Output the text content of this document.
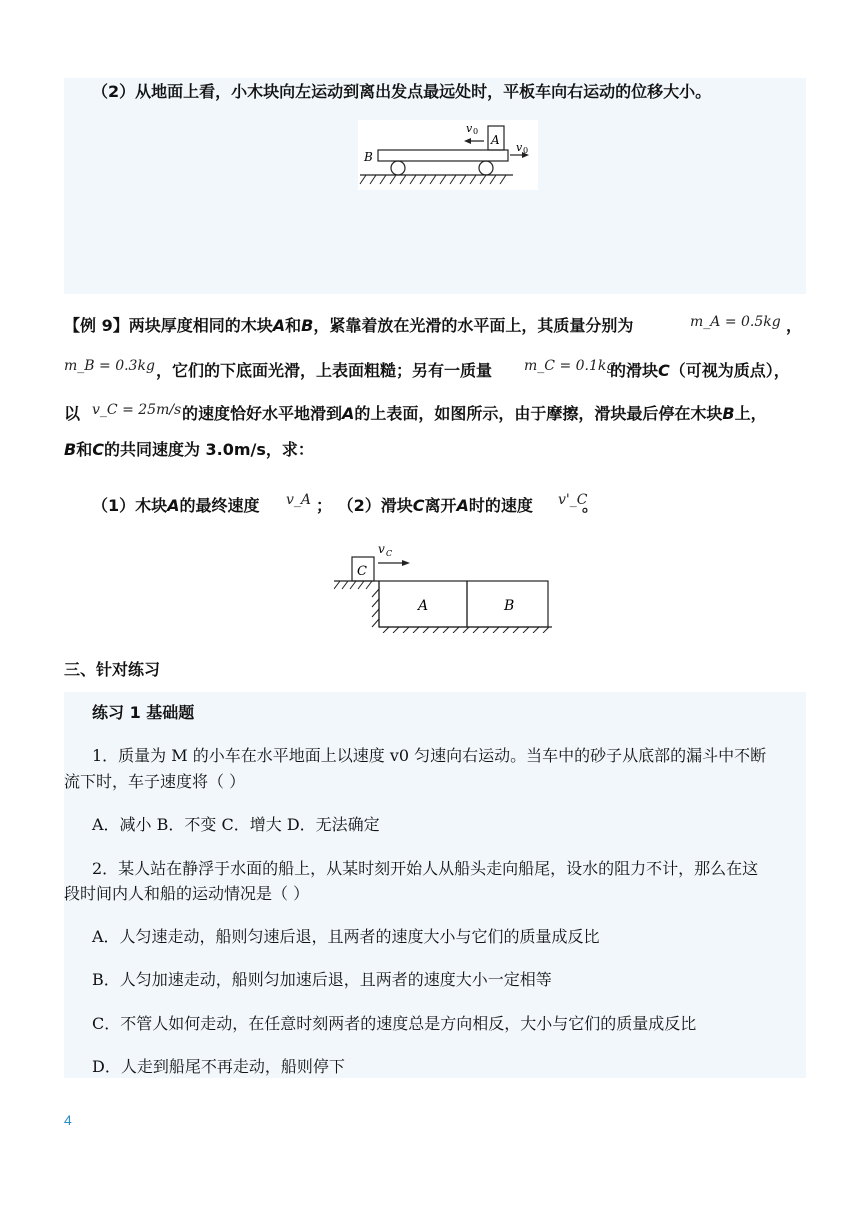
（2）从地面上看，小木块向左运动到离出发点最远处时，平板车向右运动的位移大小。
A
v 0
B
v 0
【例 9】两块厚度相同的木块A和B，紧靠着放在光滑的水平面上，其质量分别为	m_A = 0.5kg ，
m_B = 0.3kg ，它们的下底面光滑，上表面粗糙；另有一质量 m_C = 0.1kg
的滑块C（可视为质点），
以 v_C = 25m/s 的速度恰好水平地滑到A的上表面，如图所示，由于摩擦，滑块最后停在木块B上，
B和C的共同速度为 3.0m/s，求：
（1）木块A的最终速度 v_A ； （2）滑块C离开A时的速度 v'_C
。
C
v C
A	B
三、针对练习
练习 1 基础题
1．质量为 M 的小车在水平地面上以速度 v0 匀速向右运动。当车中的砂子从底部的漏斗中不断
流下时，车子速度将（ ）
A．减小 B．不变 C．增大 D．无法确定
2．某人站在静浮于水面的船上，从某时刻开始人从船头走向船尾，设水的阻力不计，那么在这
段时间内人和船的运动情况是（ ）
A．人匀速走动，船则匀速后退，且两者的速度大小与它们的质量成反比
B．人匀加速走动，船则匀加速后退，且两者的速度大小一定相等
C．不管人如何走动，在任意时刻两者的速度总是方向相反，大小与它们的质量成反比
D．人走到船尾不再走动，船则停下
4
